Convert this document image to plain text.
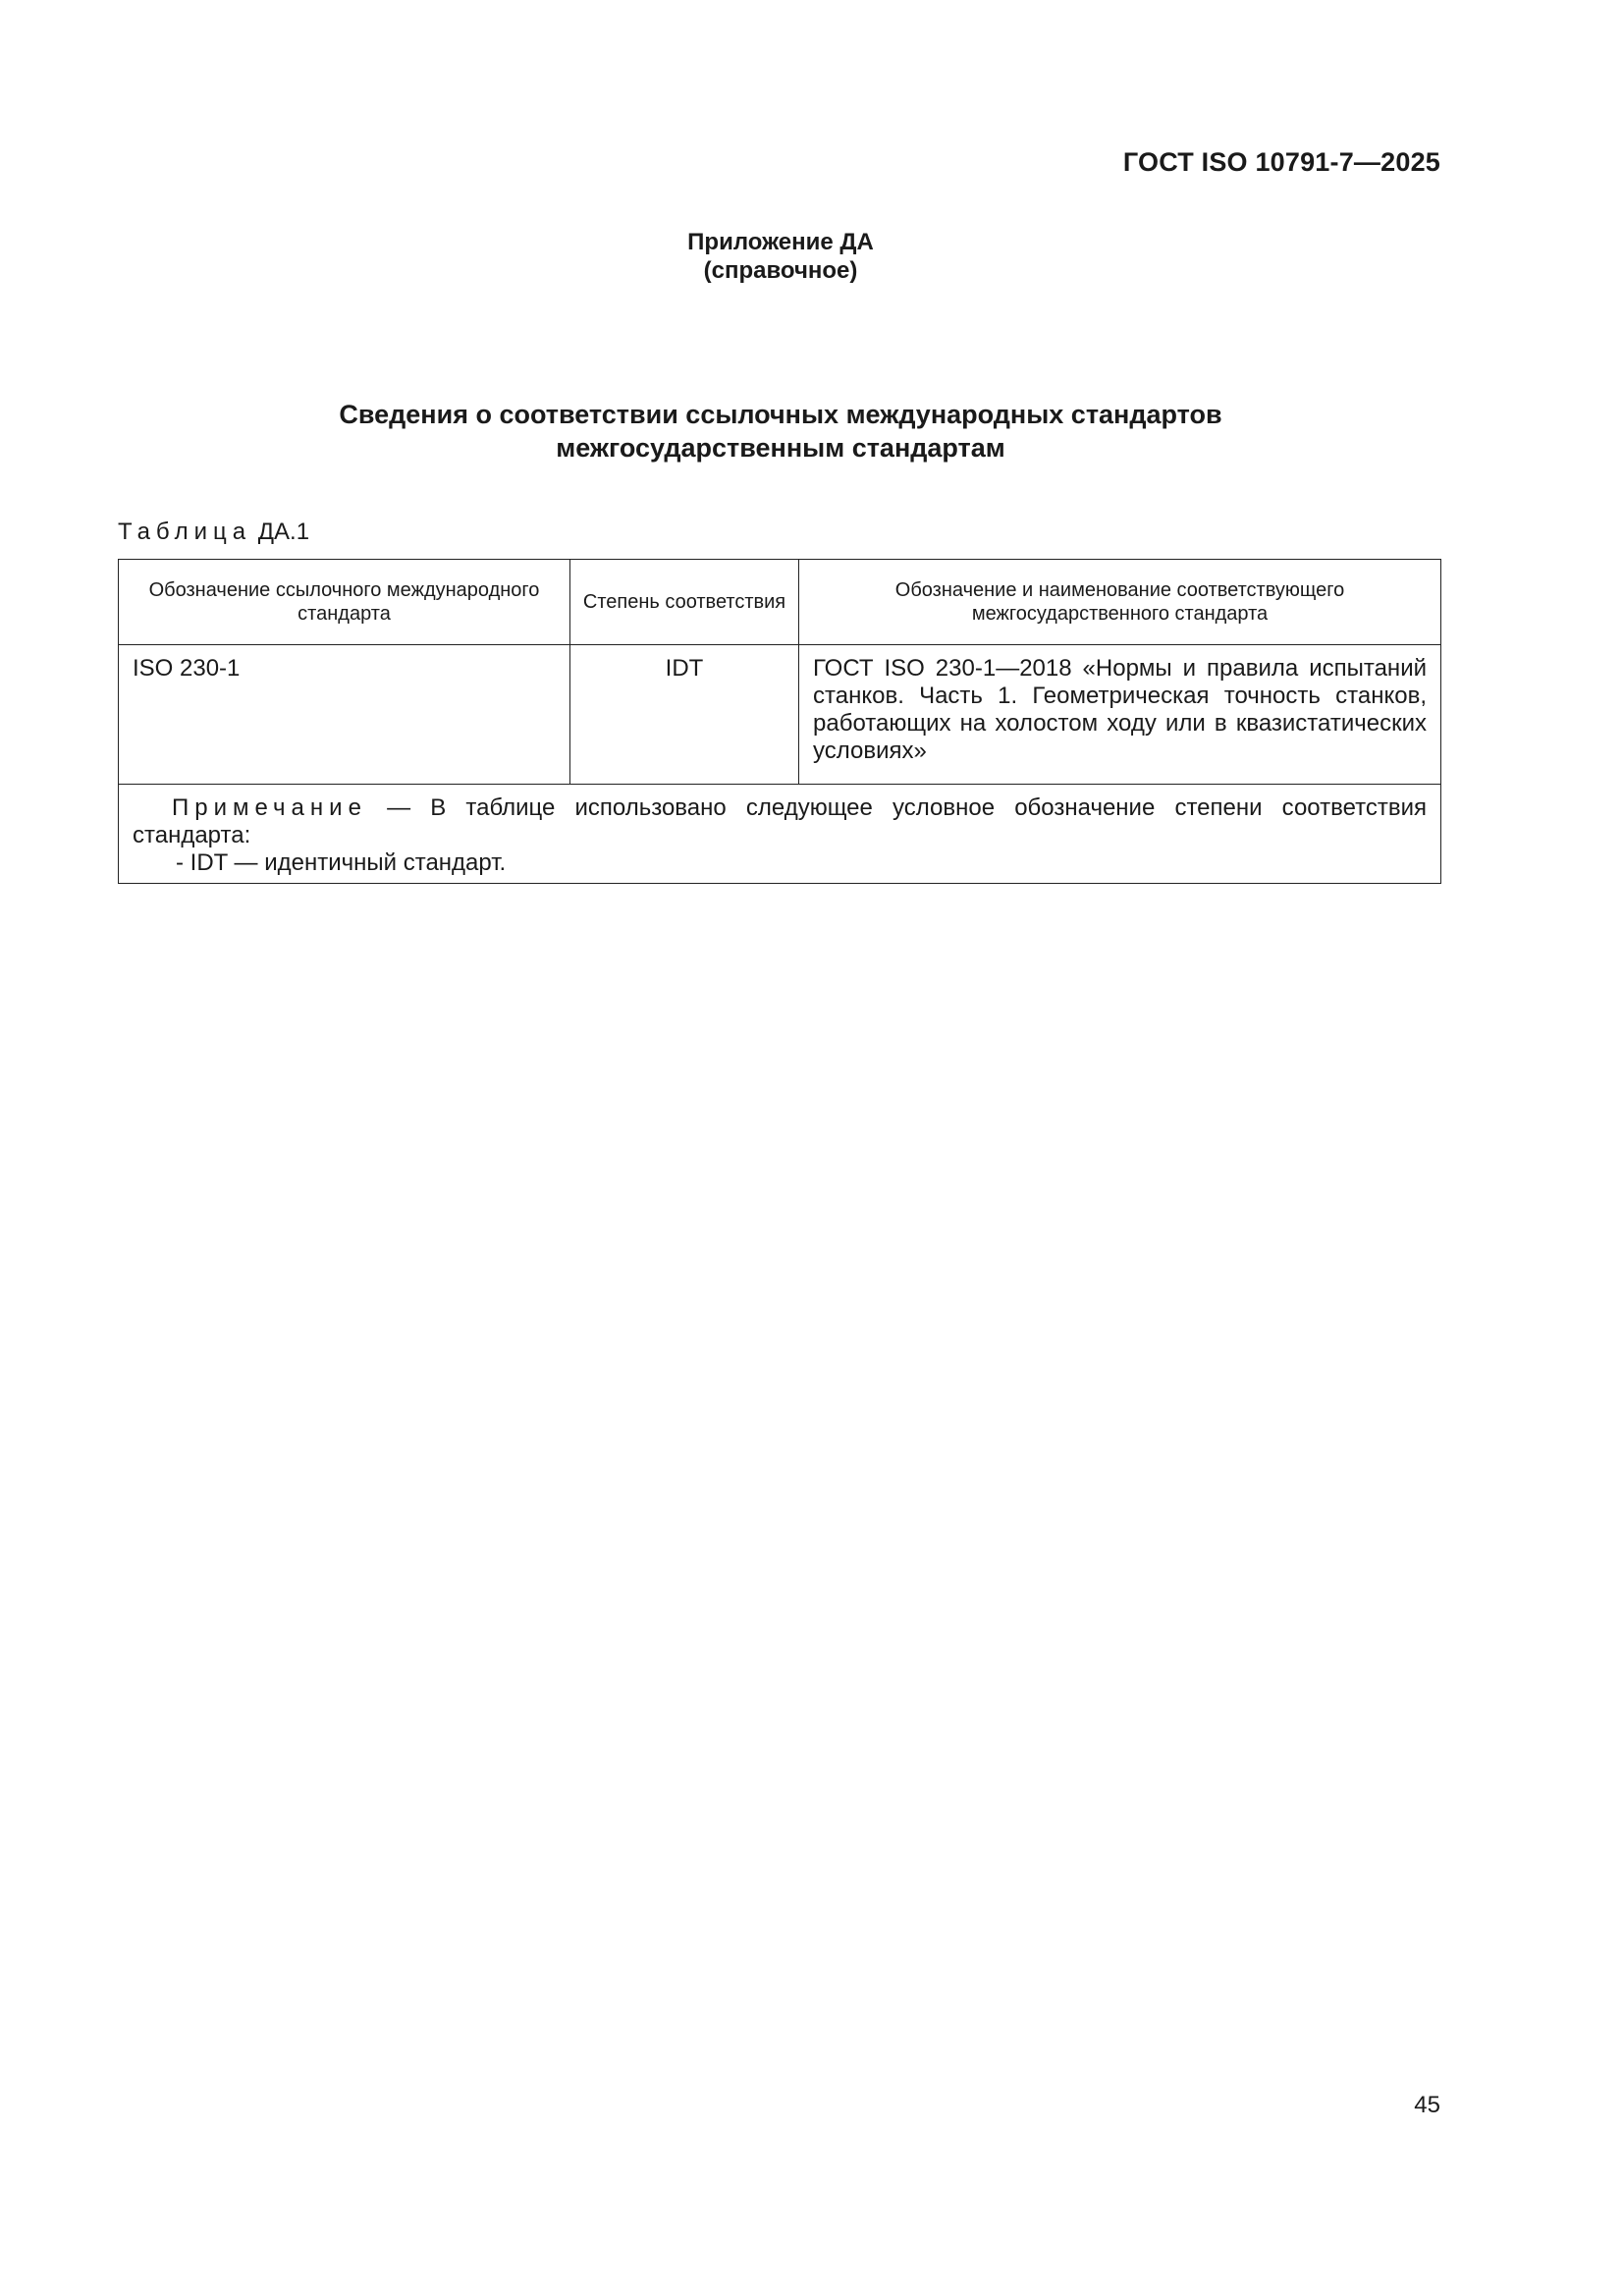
ГОСТ ISO 10791-7—2025
Приложение ДА
(справочное)
Сведения о соответствии ссылочных международных стандартов
межгосударственным стандартам
Таблица ДА.1
Обозначение ссылочного международного стандарта
Степень соответствия
Обозначение и наименование соответствующего межгосударственного стандарта
ISO 230-1	IDT	ГОСТ ISO 230-1—2018 «Нормы и правила испытаний станков. Часть 1. Геометрическая точность станков, работающих на холостом ходу или в квазистатических условиях»
Примечание — В таблице использовано следующее условное обозначение степени соответствия стандарта:
- IDT — идентичный стандарт.
45
